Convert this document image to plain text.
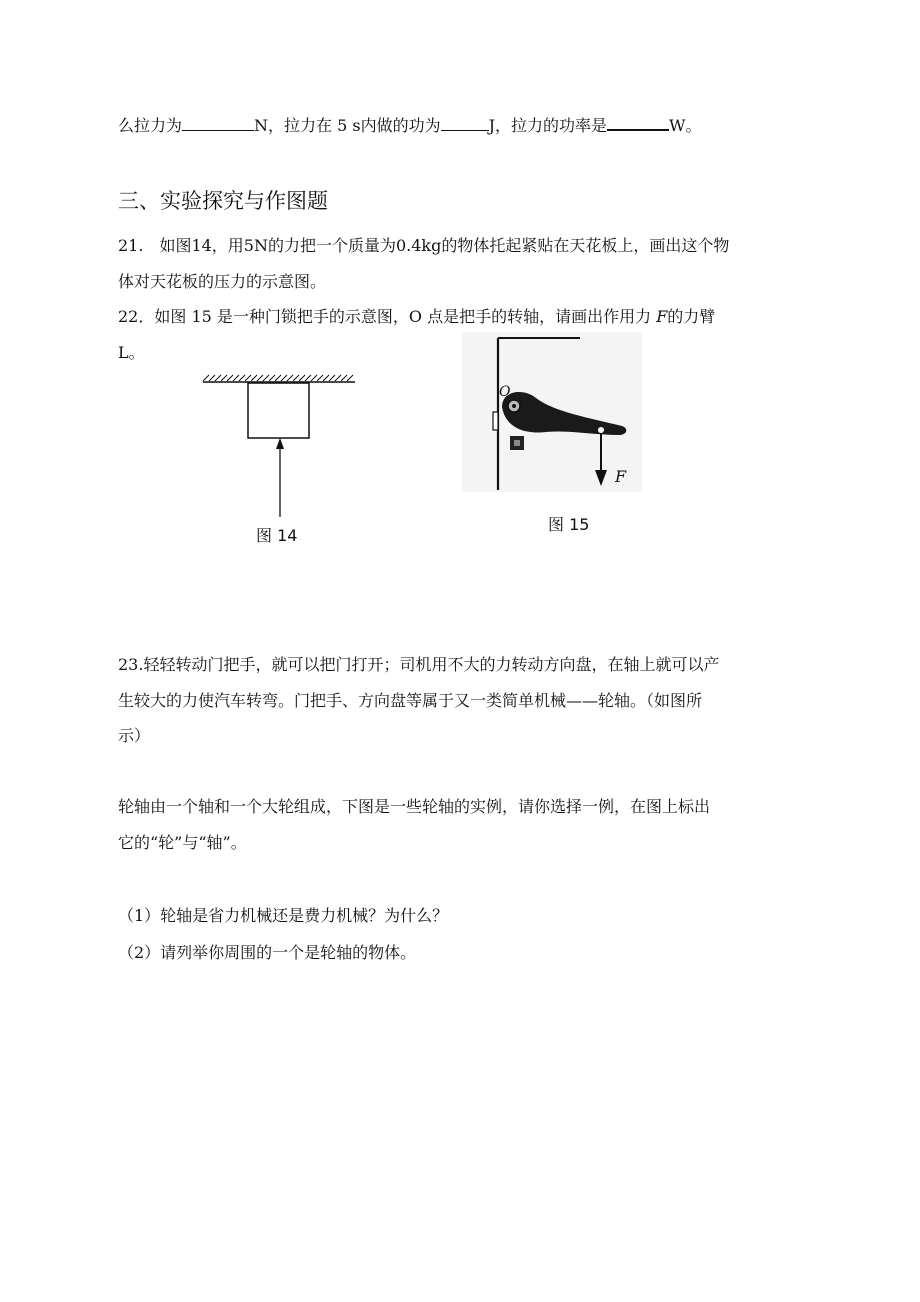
么拉力为	N，拉力在 5 s内做的功为	J，拉力的功率是	W。
三、实验探究与作图题
21.　如图14，用5N的力把一个质量为0.4kg的物体托起紧贴在天花板上，画出这个物
体对天花板的压力的示意图。
22．如图 15 是一种门锁把手的示意图，O 点是把手的转轴，请画出作用力 F的力臂
L。
图 14
O
F
图 15
23.轻轻转动门把手，就可以把门打开；司机用不大的力转动方向盘，在轴上就可以产
生较大的力使汽车转弯。门把手、方向盘等属于又一类简单机械——轮轴。（如图所
示）
轮轴由一个轴和一个大轮组成，下图是一些轮轴的实例，请你选择一例，在图上标出
它的“轮”与“轴”。
（1）轮轴是省力机械还是费力机械？为什么？
（2）请列举你周围的一个是轮轴的物体。
